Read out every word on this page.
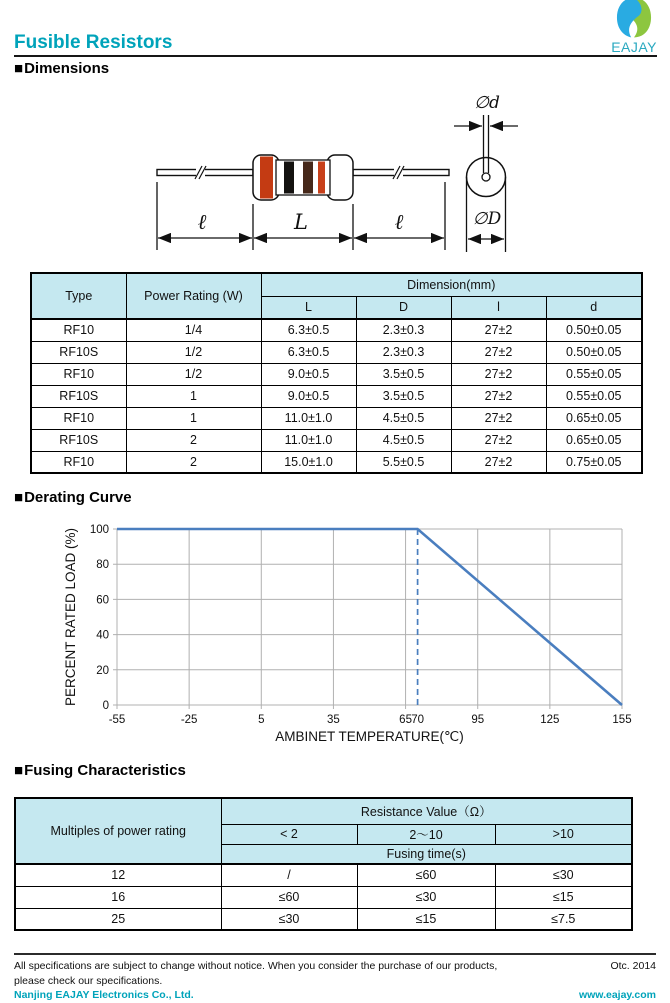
Fusible Resistors	EAJAY
■Dimensions
ℓ	L	ℓ
∅d
∅D
Type	Power Rating (W)	Dimension(mm)			
		L	D	l	d
RF10	1/4	6.3±0.5	2.3±0.3	27±2	0.50±0.05
RF10S	1/2	6.3±0.5	2.3±0.3	27±2	0.50±0.05
RF10	1/2	9.0±0.5	3.5±0.5	27±2	0.55±0.05
RF10S	1	9.0±0.5	3.5±0.5	27±2	0.55±0.05
RF10	1	11.0±1.0	4.5±0.5	27±2	0.65±0.05
RF10S	2	11.0±1.0	4.5±0.5	27±2	0.65±0.05
RF10	2	15.0±1.0	5.5±0.5	27±2	0.75±0.05
■Derating Curve
0
20
40
60
80
100
-55	-25	5	35	65	95	125	155
70
AMBINET TEMPERATURE(℃)
PERCENT RATED LOAD (%)
■Fusing Characteristics
Multiples of power rating	Resistance Value（Ω）		
	< 2	2～10	>10
	Fusing time(s)		
12	/	≤60	≤30
16	≤60	≤30	≤15
25	≤30	≤15	≤7.5
All specifications are subject to change without notice. When you consider the purchase of our products,
please check our specifications.
Nanjing EAJAY Electronics Co., Ltd.
Otc. 2014
www.eajay.com
